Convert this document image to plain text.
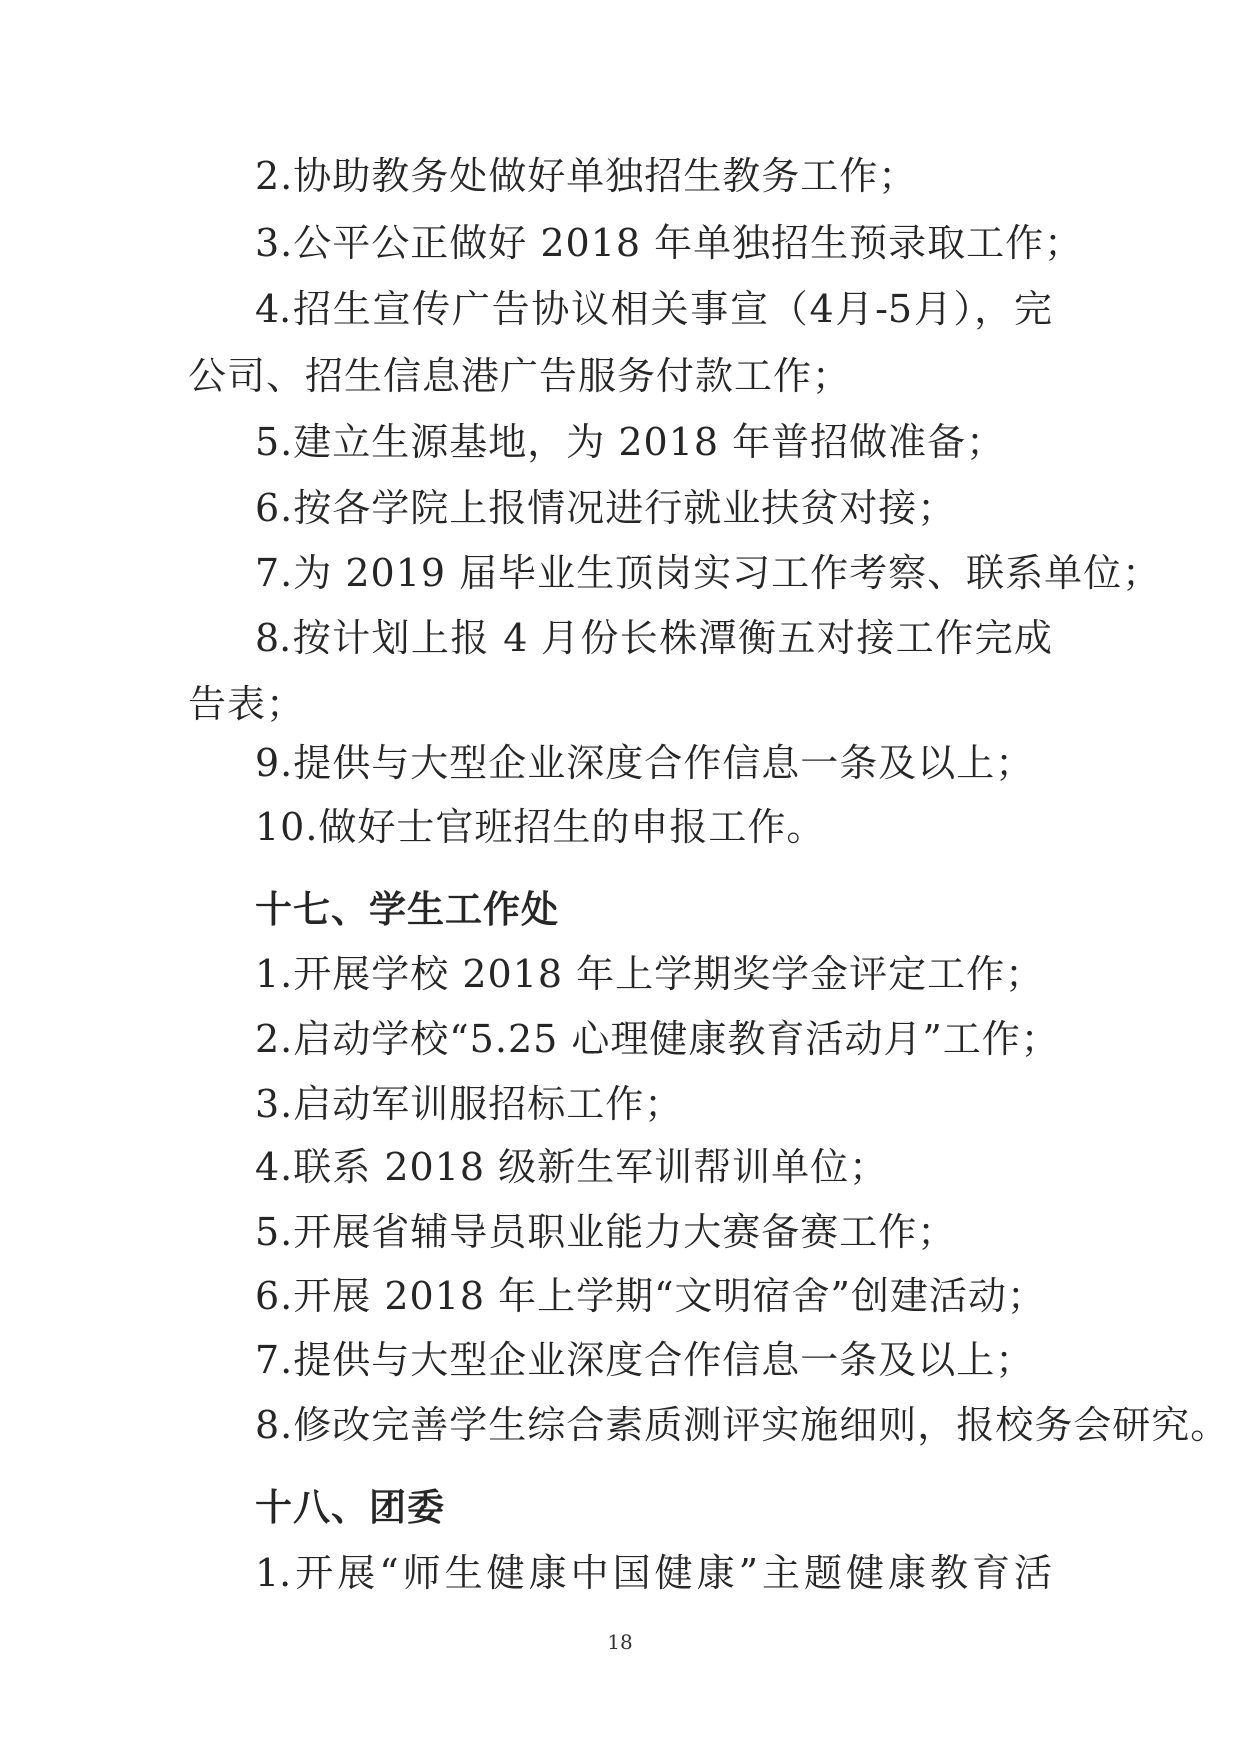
2.协助教务处做好单独招生教务工作；
3.公平公正做好 2018 年单独招生预录取工作；
4.招生宣传广告协议相关事宣（4月-5月），完
公司、招生信息港广告服务付款工作；
5.建立生源基地，为 2018 年普招做准备；
6.按各学院上报情况进行就业扶贫对接；
7.为 2019 届毕业生顶岗实习工作考察、联系单位；
8.按计划上报 4 月份长株潭衡五对接工作完成
告表；
9.提供与大型企业深度合作信息一条及以上；
10.做好士官班招生的申报工作。
十七、学生工作处
1.开展学校 2018 年上学期奖学金评定工作；
2.启动学校“5.25 心理健康教育活动月”工作；
3.启动军训服招标工作；
4.联系 2018 级新生军训帮训单位；
5.开展省辅导员职业能力大赛备赛工作；
6.开展 2018 年上学期“文明宿舍”创建活动；
7.提供与大型企业深度合作信息一条及以上；
8.修改完善学生综合素质测评实施细则，报校务会研究。
十八、团委
1.开展“师生健康中国健康”主题健康教育活
18
